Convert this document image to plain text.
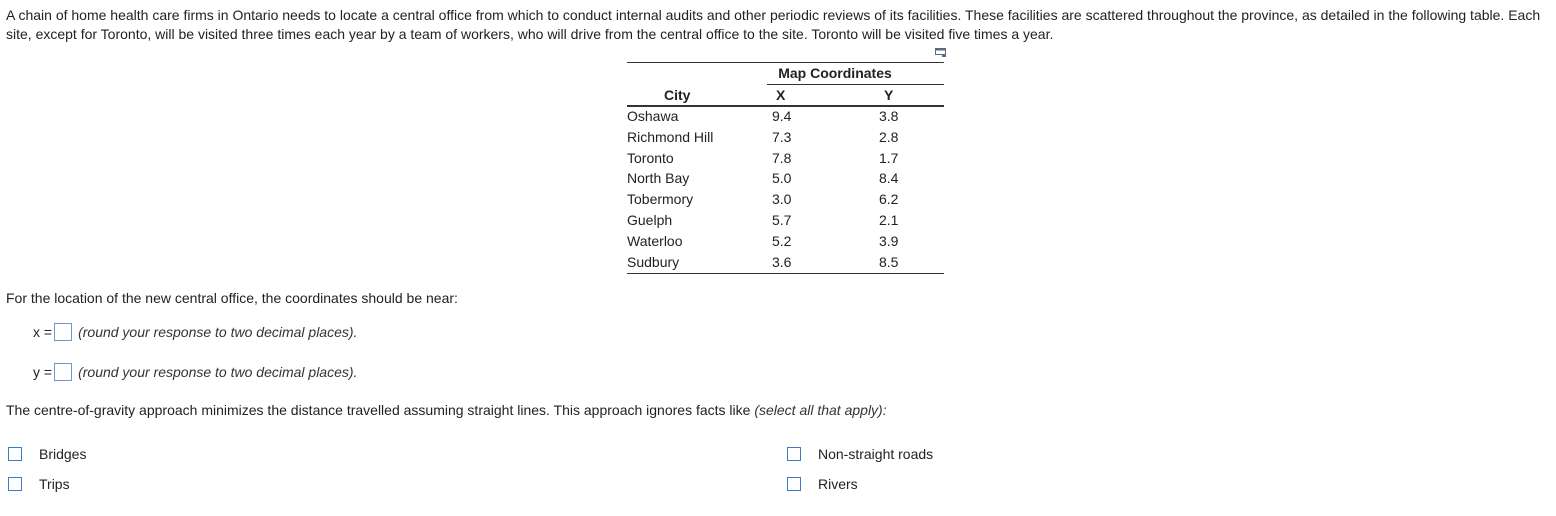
A chain of home health care firms in Ontario needs to locate a central office from which to conduct internal audits and other periodic reviews of its facilities. These facilities are scattered throughout the province, as detailed in the following table. Each site, except for Toronto, will be visited three times each year by a team of workers, who will drive from the central office to the site. Toronto will be visited five times a year.
Map Coordinates
City	X	Y
Oshawa	9.4	3.8
Richmond Hill	7.3	2.8
Toronto	7.8	1.7
North Bay	5.0	8.4
Tobermory	3.0	6.2
Guelph	5.7	2.1
Waterloo	5.2	3.9
Sudbury	3.6	8.5
For the location of the new central office, the coordinates should be near:
x = (round your response to two decimal places).
y = (round your response to two decimal places).
The centre-of-gravity approach minimizes the distance travelled assuming straight lines. This approach ignores facts like (select all that apply):
Bridges
Trips
Non-straight roads
Rivers
